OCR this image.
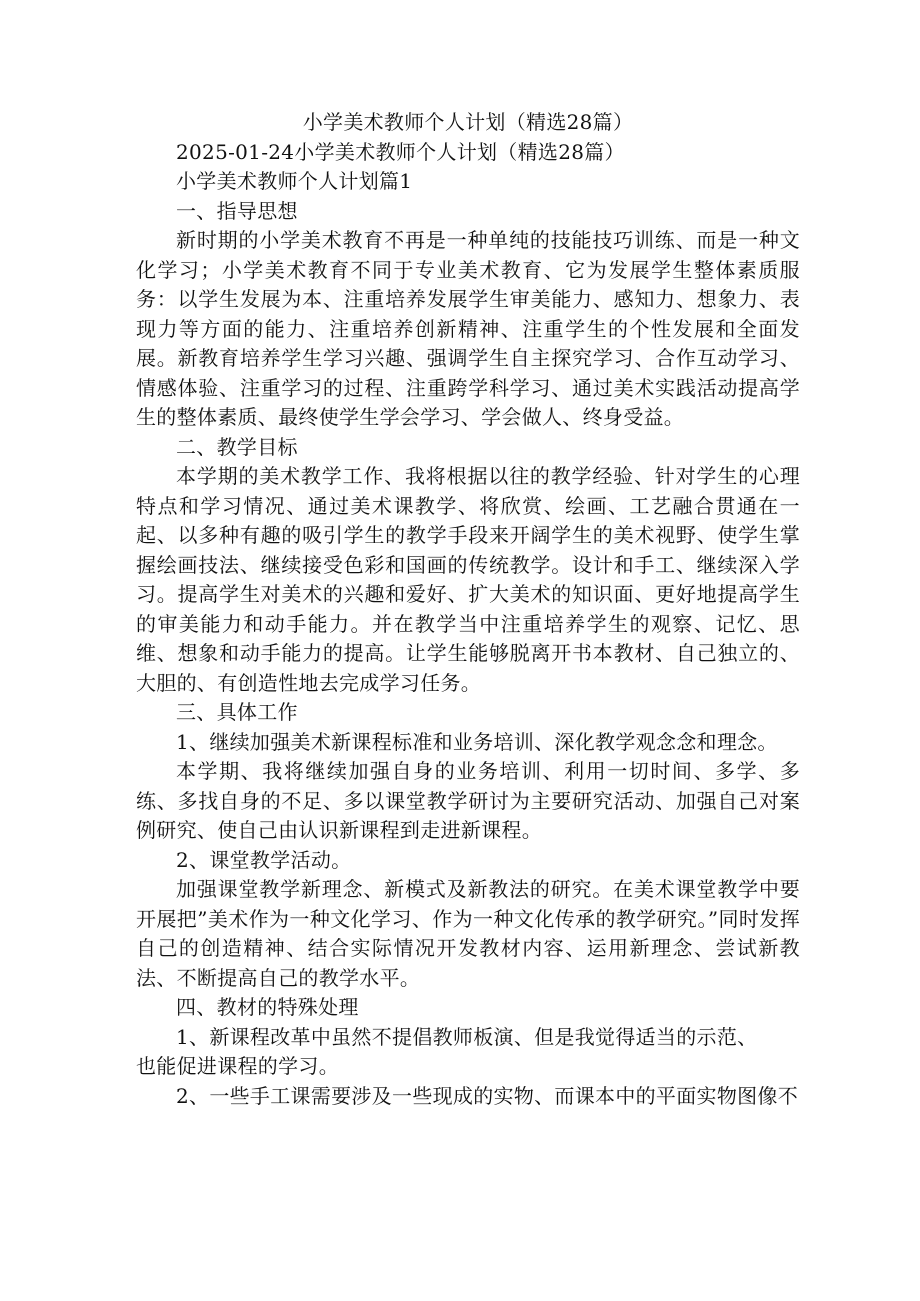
小学美术教师个人计划（精选28篇）

2025-01-24小学美术教师个人计划（精选28篇）

小学美术教师个人计划篇1

一、指导思想

新时期的小学美术教育不再是一种单纯的技能技巧训练、而是一种文化学习；小学美术教育不同于专业美术教育、它为发展学生整体素质服务：以学生发展为本、注重培养发展学生审美能力、感知力、想象力、表现力等方面的能力、注重培养创新精神、注重学生的个性发展和全面发展。新教育培养学生学习兴趣、强调学生自主探究学习、合作互动学习、情感体验、注重学习的过程、注重跨学科学习、通过美术实践活动提高学生的整体素质、最终使学生学会学习、学会做人、终身受益。

二、教学目标

本学期的美术教学工作、我将根据以往的教学经验、针对学生的心理特点和学习情况、通过美术课教学、将欣赏、绘画、工艺融合贯通在一起、以多种有趣的吸引学生的教学手段来开阔学生的美术视野、使学生掌握绘画技法、继续接受色彩和国画的传统教学。设计和手工、继续深入学习。提高学生对美术的兴趣和爱好、扩大美术的知识面、更好地提高学生的审美能力和动手能力。并在教学当中注重培养学生的观察、记忆、思维、想象和动手能力的提高。让学生能够脱离开书本教材、自己独立的、大胆的、有创造性地去完成学习任务。

三、具体工作

1、继续加强美术新课程标准和业务培训、深化教学观念念和理念。

本学期、我将继续加强自身的业务培训、利用一切时间、多学、多练、多找自身的不足、多以课堂教学研讨为主要研究活动、加强自己对案例研究、使自己由认识新课程到走进新课程。

2、课堂教学活动。

加强课堂教学新理念、新模式及新教法的研究。在美术课堂教学中要开展把”美术作为一种文化学习、作为一种文化传承的教学研究。”同时发挥自己的创造精神、结合实际情况开发教材内容、运用新理念、尝试新教法、不断提高自己的教学水平。

四、教材的特殊处理

1、新课程改革中虽然不提倡教师板演、但是我觉得适当的示范、

也能促进课程的学习。

2、一些手工课需要涉及一些现成的实物、而课本中的平面实物图像不
